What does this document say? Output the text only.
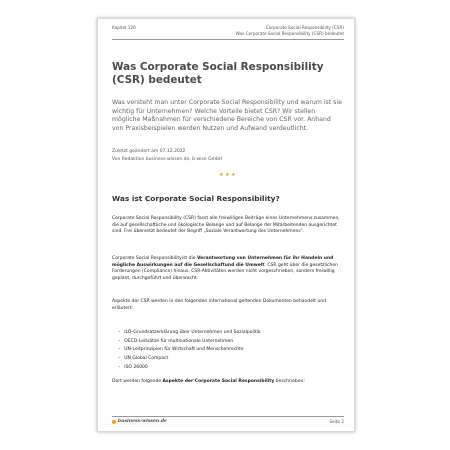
Kapitel 126	Corporate Social Responsibility (CSR)
Was Corporate Social Responsibility (CSR) bedeutet
Was Corporate Social Responsibility (CSR) bedeutet
Was versteht man unter Corporate Social Responsibility und warum ist sie wichtig für Unternehmen? Welche Vorteile bietet CSR? Wir stellen mögliche Maßnahmen für verschiedene Bereiche von CSR vor. Anhand von Praxisbeispielen werden Nutzen und Aufwand verdeutlicht.
Zuletzt geändert am 07.12.2022
Von Redaktion business-wissen.de, b-wise GmbH
★★★
Was ist Corporate Social Responsibility?
Corporate Social Responsibility (CSR) fasst alle freiwilligen Beiträge eines Unternehmens zusammen, die auf gesellschaftliche und ökologische Belange und auf Belange der Mitarbeitenden ausgerichtet sind. Frei übersetzt bedeutet der Begriff „Soziale Verantwortung des Unternehmens".
Corporate Social Responsibilityist die Verantwortung von Unternehmen für ihr Handeln und mögliche Auswirkungen auf die Gesellschaftund die Umwelt. CSR geht über die gesetzlichen Forderungen (Compliance) hinaus. CSR-Aktivitäten werden nicht vorgeschrieben, sondern freiwillig geplant, durchgeführt und überwacht.
Aspekte der CSR werden in den folgenden international geltenden Dokumenten behandelt und erläutert:
– ILO-Grundsatzerklärung über Unternehmen und Sozialpolitik
– OECD-Leitsätze für multinationale Unternehmen
– UN-Leitprinzipien für Wirtschaft und Menschenrechte
– UN Global Compact
– ISO 26000
Dort werden folgende Aspekte der Corporate Social Responsibility beschrieben:
business-wissen.de	Seite 2
